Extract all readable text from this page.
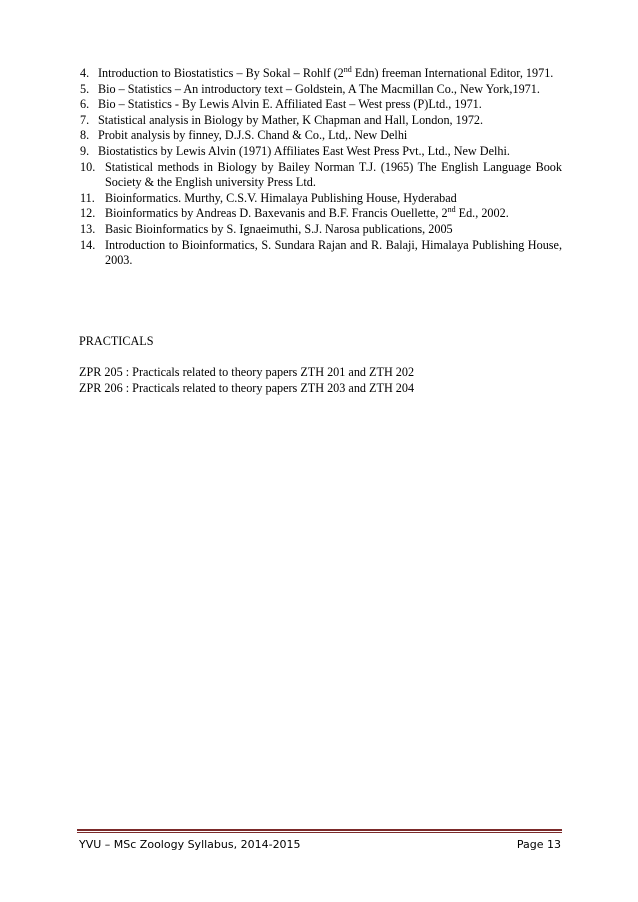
4. Introduction to Biostatistics – By Sokal – Rohlf (2nd Edn) freeman International Editor, 1971.
5. Bio – Statistics – An introductory text – Goldstein, A The Macmillan Co., New York,1971.
6. Bio – Statistics - By Lewis Alvin E. Affiliated East – West press (P)Ltd., 1971.
7. Statistical analysis in Biology by Mather, K Chapman and Hall, London, 1972.
8. Probit analysis by finney, D.J.S. Chand & Co., Ltd,. New Delhi
9. Biostatistics by Lewis Alvin (1971) Affiliates East West Press Pvt., Ltd., New Delhi.
10. Statistical methods in Biology by Bailey Norman T.J. (1965) The English Language Book Society & the English university Press Ltd.
11. Bioinformatics. Murthy, C.S.V. Himalaya Publishing House, Hyderabad
12. Bioinformatics by Andreas D. Baxevanis and B.F. Francis Ouellette, 2nd Ed., 2002.
13. Basic Bioinformatics by S. Ignaeimuthi, S.J. Narosa publications, 2005
14. Introduction to Bioinformatics, S. Sundara Rajan and R. Balaji, Himalaya Publishing House, 2003.
PRACTICALS
ZPR 205 : Practicals related to theory papers ZTH 201 and ZTH 202
ZPR 206 : Practicals related to theory papers ZTH 203 and ZTH 204
YVU – MSc Zoology Syllabus, 2014-2015	Page 13
